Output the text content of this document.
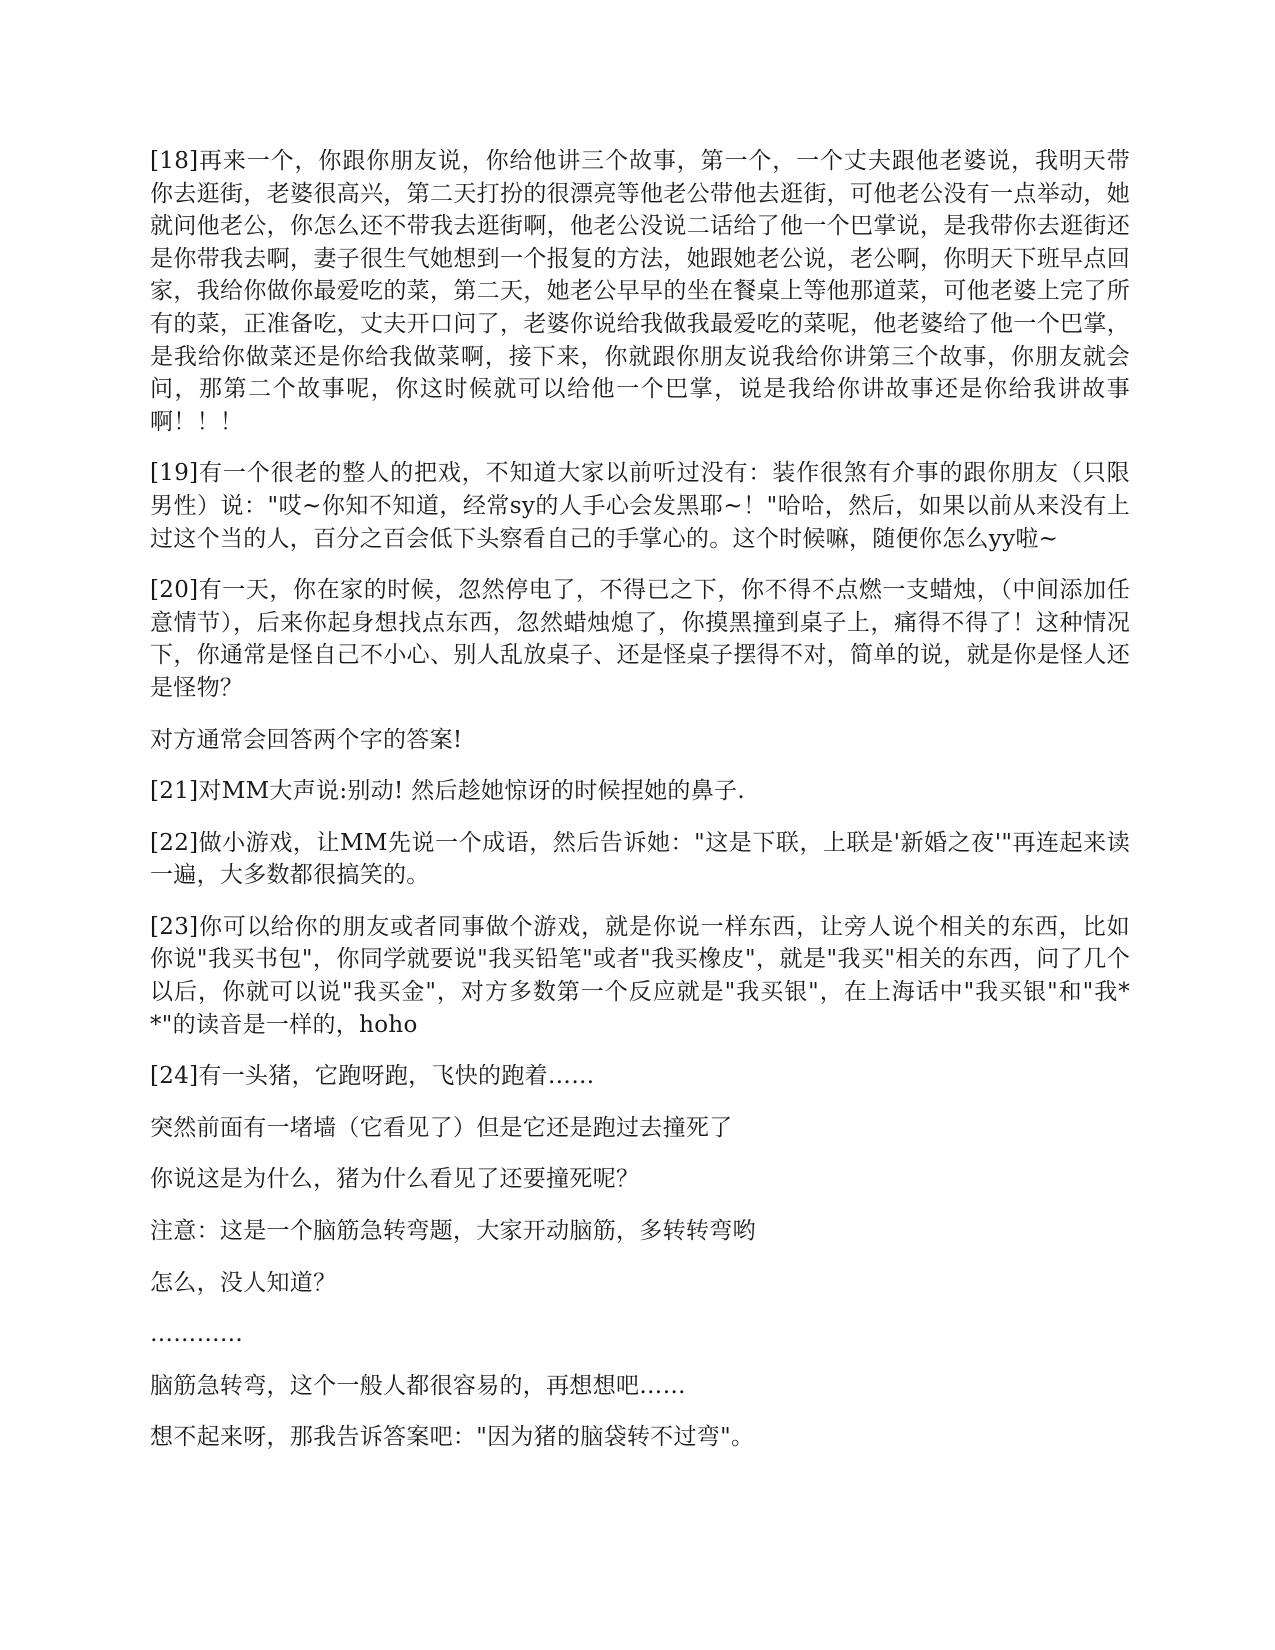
[18]再来一个，你跟你朋友说，你给他讲三个故事，第一个，一个丈夫跟他老婆说，我明天带你去逛街，老婆很高兴，第二天打扮的很漂亮等他老公带他去逛街，可他老公没有一点举动，她就问他老公，你怎么还不带我去逛街啊，他老公没说二话给了他一个巴掌说，是我带你去逛街还是你带我去啊，妻子很生气她想到一个报复的方法，她跟她老公说，老公啊，你明天下班早点回家，我给你做你最爱吃的菜，第二天，她老公早早的坐在餐桌上等他那道菜，可他老婆上完了所有的菜，正准备吃，丈夫开口问了，老婆你说给我做我最爱吃的菜呢，他老婆给了他一个巴掌，是我给你做菜还是你给我做菜啊，接下来，你就跟你朋友说我给你讲第三个故事，你朋友就会问，那第二个故事呢，你这时候就可以给他一个巴掌，说是我给你讲故事还是你给我讲故事啊！！！

[19]有一个很老的整人的把戏，不知道大家以前听过没有：装作很煞有介事的跟你朋友（只限男性）说："哎~你知不知道，经常sy的人手心会发黑耶~！"哈哈，然后，如果以前从来没有上过这个当的人，百分之百会低下头察看自己的手掌心的。这个时候嘛，随便你怎么yy啦~

[20]有一天，你在家的时候，忽然停电了，不得已之下，你不得不点燃一支蜡烛，（中间添加任意情节），后来你起身想找点东西，忽然蜡烛熄了，你摸黑撞到桌子上，痛得不得了！这种情况下，你通常是怪自己不小心、别人乱放桌子、还是怪桌子摆得不对，简单的说，就是你是怪人还是怪物？

对方通常会回答两个字的答案!

[21]对MM大声说:别动! 然后趁她惊讶的时候捏她的鼻子.

[22]做小游戏，让MM先说一个成语，然后告诉她："这是下联，上联是'新婚之夜'"再连起来读一遍，大多数都很搞笑的。

[23]你可以给你的朋友或者同事做个游戏，就是你说一样东西，让旁人说个相关的东西，比如你说"我买书包"，你同学就要说"我买铅笔"或者"我买橡皮"，就是"我买"相关的东西，问了几个以后，你就可以说"我买金"，对方多数第一个反应就是"我买银"，在上海话中"我买银"和"我**"的读音是一样的，hoho

[24]有一头猪，它跑呀跑，飞快的跑着……

突然前面有一堵墙（它看见了）但是它还是跑过去撞死了

你说这是为什么，猪为什么看见了还要撞死呢？

注意：这是一个脑筋急转弯题，大家开动脑筋，多转转弯哟

怎么，没人知道？

…………

脑筋急转弯，这个一般人都很容易的，再想想吧……

想不起来呀，那我告诉答案吧："因为猪的脑袋转不过弯"。
